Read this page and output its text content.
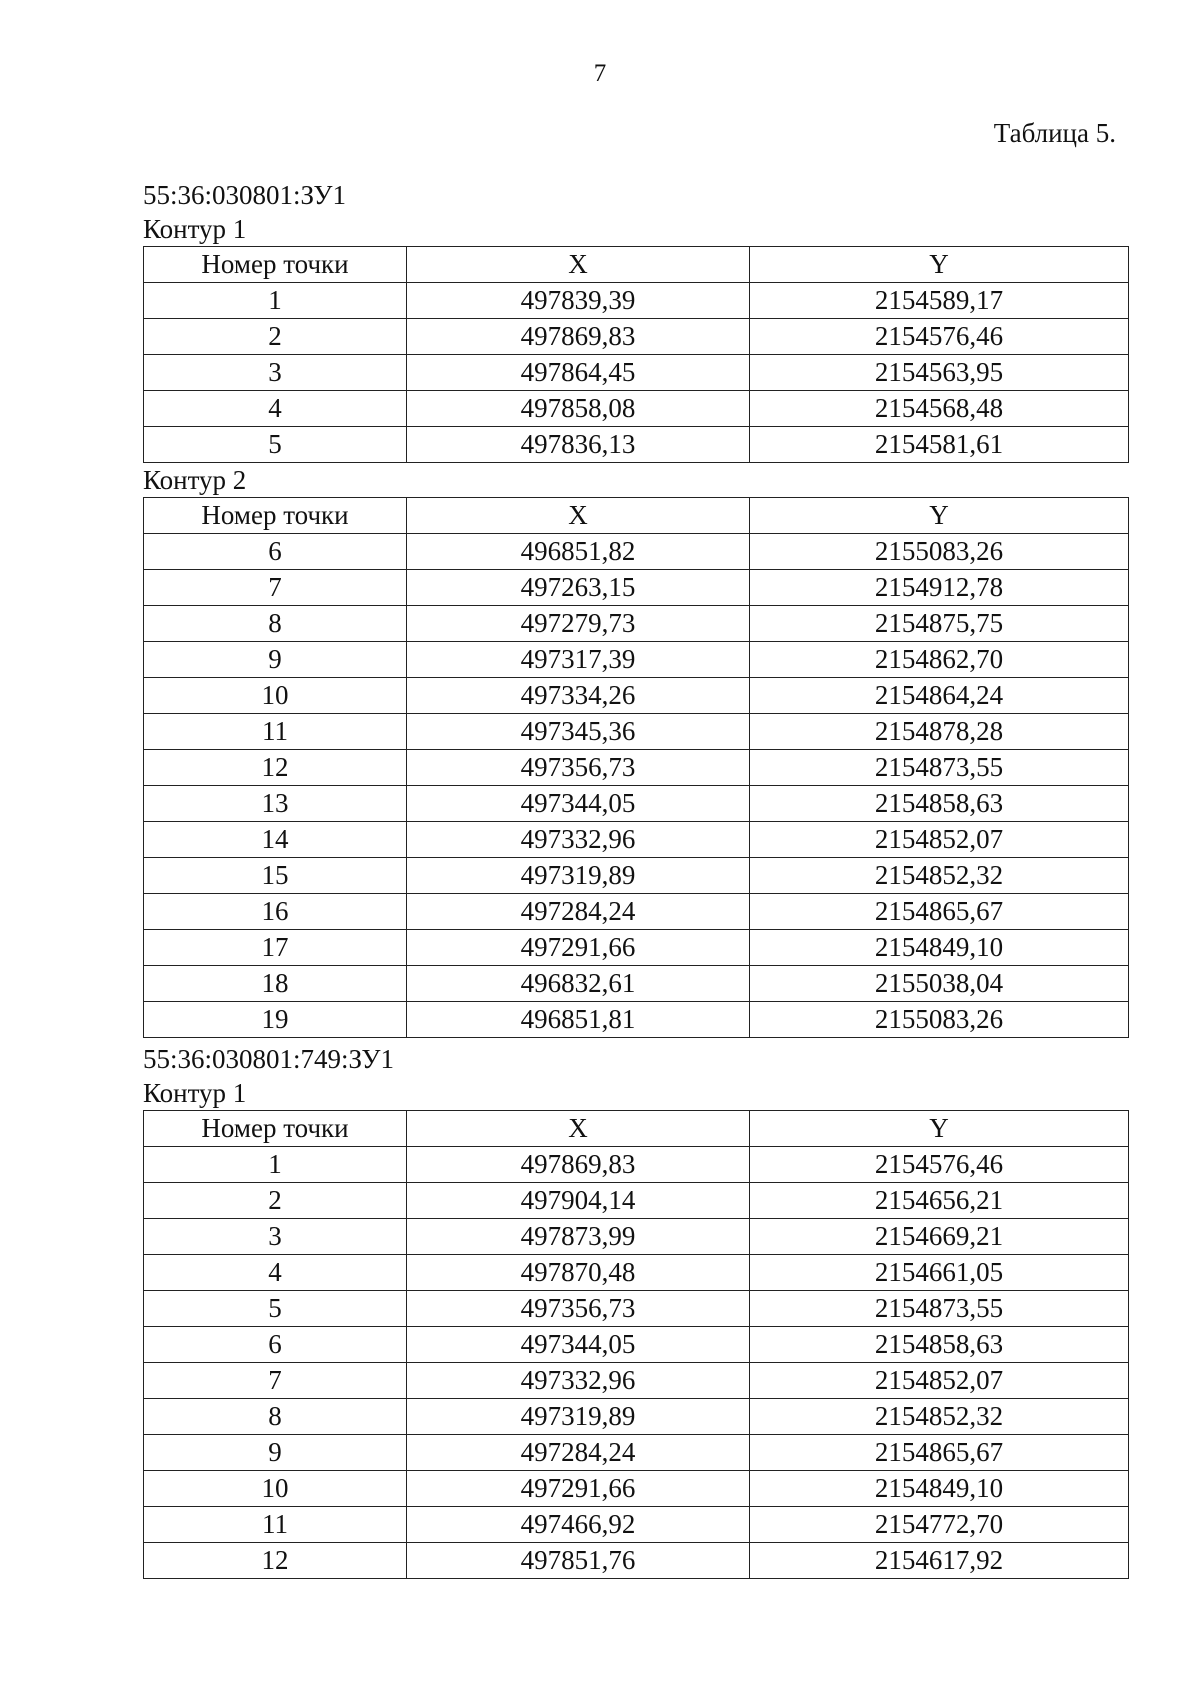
7
Таблица 5.
55:36:030801:ЗУ1
Контур 1
Номер точки	X	Y
1	497839,39	2154589,17
2	497869,83	2154576,46
3	497864,45	2154563,95
4	497858,08	2154568,48
5	497836,13	2154581,61
Контур 2
Номер точки	X	Y
6	496851,82	2155083,26
7	497263,15	2154912,78
8	497279,73	2154875,75
9	497317,39	2154862,70
10	497334,26	2154864,24
11	497345,36	2154878,28
12	497356,73	2154873,55
13	497344,05	2154858,63
14	497332,96	2154852,07
15	497319,89	2154852,32
16	497284,24	2154865,67
17	497291,66	2154849,10
18	496832,61	2155038,04
19	496851,81	2155083,26
55:36:030801:749:ЗУ1
Контур 1
Номер точки	X	Y
1	497869,83	2154576,46
2	497904,14	2154656,21
3	497873,99	2154669,21
4	497870,48	2154661,05
5	497356,73	2154873,55
6	497344,05	2154858,63
7	497332,96	2154852,07
8	497319,89	2154852,32
9	497284,24	2154865,67
10	497291,66	2154849,10
11	497466,92	2154772,70
12	497851,76	2154617,92
